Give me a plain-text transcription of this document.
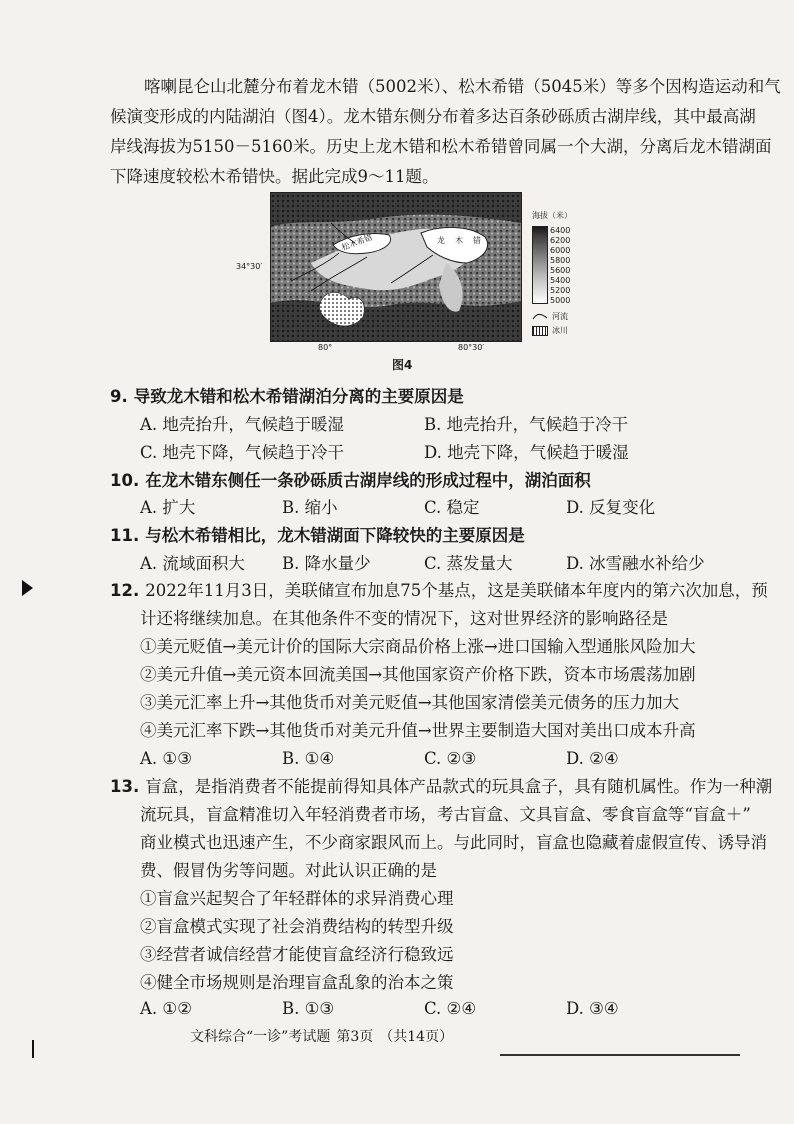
喀喇昆仑山北麓分布着龙木错（5002米）、松木希错（5045米）等多个因构造运动和气
候演变形成的内陆湖泊（图4）。龙木错东侧分布着多达百条砂砾质古湖岸线，其中最高湖
岸线海拔为5150－5160米。历史上龙木错和松木希错曾同属一个大湖，分离后龙木错湖面
下降速度较松木希错快。据此完成9～11题。
松木希错	龙木错
34°30′
80°	80°30′
海拔（米）
6400
6200
6000
5800
5600
5400
5200
5000
河流
冰川
图4
9. 导致龙木错和松木希错湖泊分离的主要原因是
A. 地壳抬升，气候趋于暖湿	B. 地壳抬升，气候趋于冷干
C. 地壳下降，气候趋于冷干	D. 地壳下降，气候趋于暖湿
10. 在龙木错东侧任一条砂砾质古湖岸线的形成过程中，湖泊面积
A. 扩大	B. 缩小	C. 稳定	D. 反复变化
11. 与松木希错相比，龙木错湖面下降较快的主要原因是
A. 流域面积大 B. 降水量少	C. 蒸发量大	D. 冰雪融水补给少
12. 2022年11月3日，美联储宣布加息75个基点，这是美联储本年度内的第六次加息，预
计还将继续加息。在其他条件不变的情况下，这对世界经济的影响路径是
①美元贬值→美元计价的国际大宗商品价格上涨→进口国输入型通胀风险加大
②美元升值→美元资本回流美国→其他国家资产价格下跌，资本市场震荡加剧
③美元汇率上升→其他货币对美元贬值→其他国家清偿美元债务的压力加大
④美元汇率下跌→其他货币对美元升值→世界主要制造大国对美出口成本升高
A. ①③	B. ①④	C. ②③	D. ②④
13. 盲盒，是指消费者不能提前得知具体产品款式的玩具盒子，具有随机属性。作为一种潮
流玩具，盲盒精准切入年轻消费者市场，考古盲盒、文具盲盒、零食盲盒等“盲盒＋”
商业模式也迅速产生，不少商家跟风而上。与此同时，盲盒也隐藏着虚假宣传、诱导消
费、假冒伪劣等问题。对此认识正确的是
①盲盒兴起契合了年轻群体的求异消费心理
②盲盒模式实现了社会消费结构的转型升级
③经营者诚信经营才能使盲盒经济行稳致远
④健全市场规则是治理盲盒乱象的治本之策
文科综合“一诊”考试题 第3页 （共14页）
A. ①②	B. ①③	C. ②④	D. ③④
